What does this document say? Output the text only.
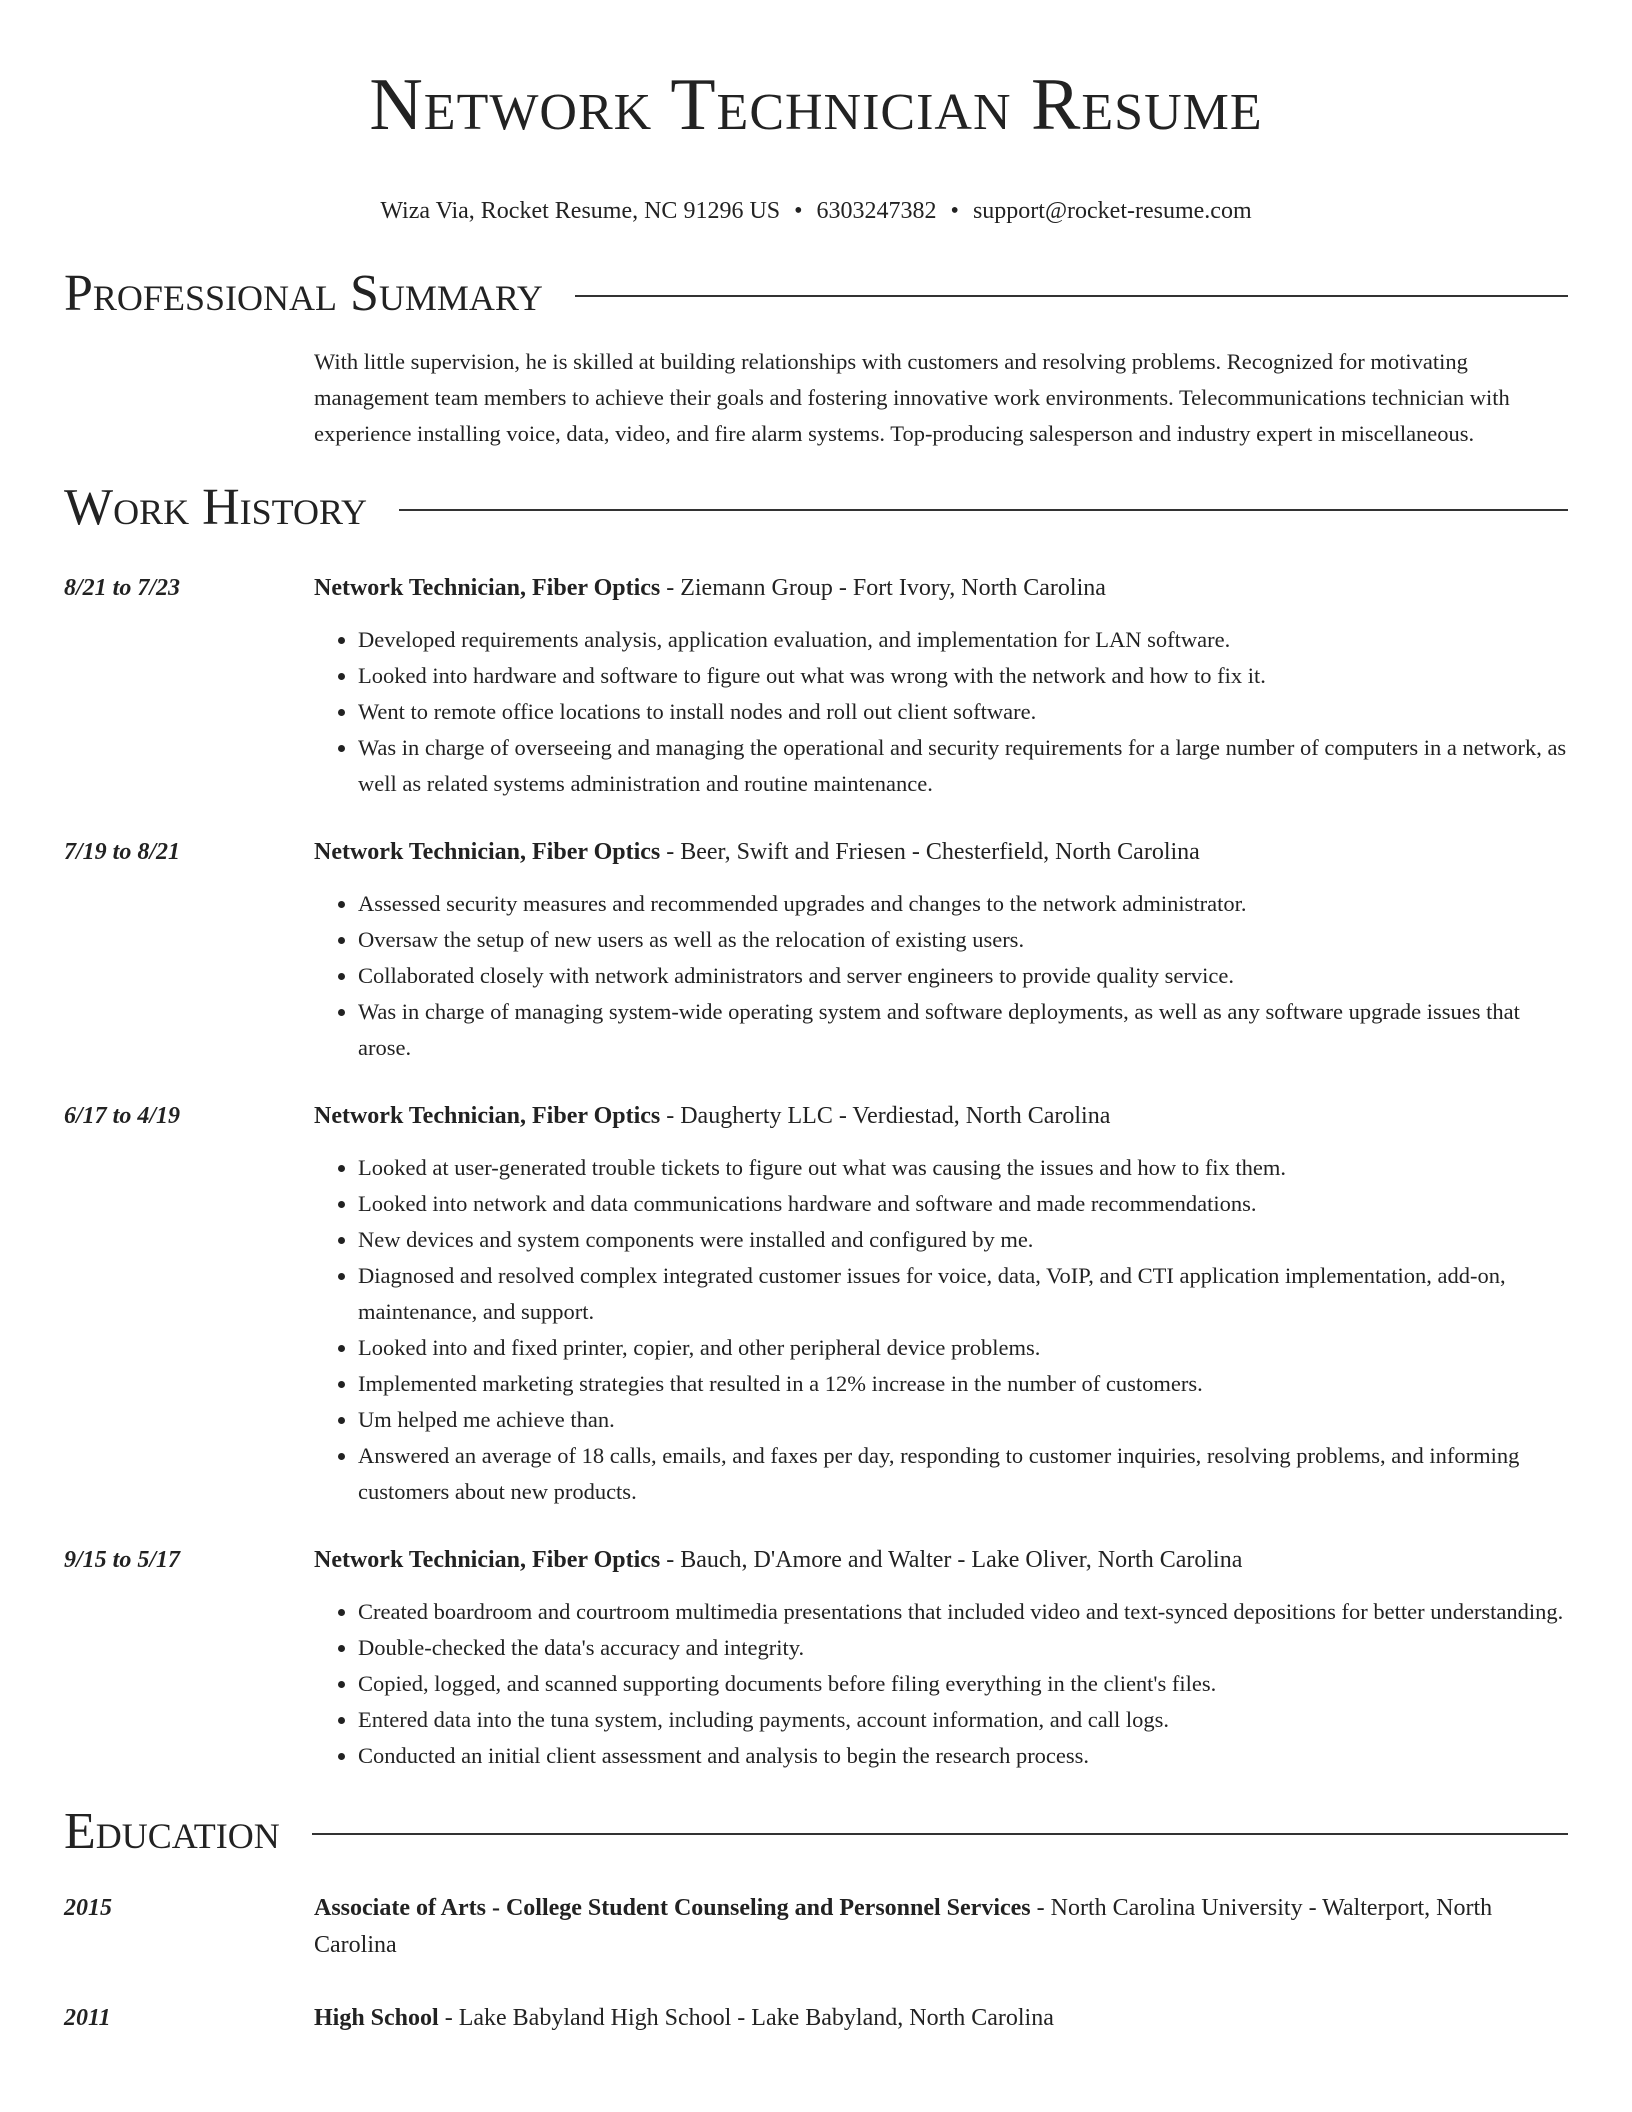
Network Technician Resume
Wiza Via, Rocket Resume, NC 91296 US • 6303247382 • support@rocket-resume.com
Professional Summary
With little supervision, he is skilled at building relationships with customers and resolving problems. Recognized for motivating management team members to achieve their goals and fostering innovative work environments. Telecommunications technician with experience installing voice, data, video, and fire alarm systems. Top-producing salesperson and industry expert in miscellaneous.
Work History
8/21 to 7/23	Network Technician, Fiber Optics - Ziemann Group - Fort Ivory, North Carolina
• Developed requirements analysis, application evaluation, and implementation for LAN software.
• Looked into hardware and software to figure out what was wrong with the network and how to fix it.
• Went to remote office locations to install nodes and roll out client software.
• Was in charge of overseeing and managing the operational and security requirements for a large number of computers in a network, as well as related systems administration and routine maintenance.
7/19 to 8/21	Network Technician, Fiber Optics - Beer, Swift and Friesen - Chesterfield, North Carolina
• Assessed security measures and recommended upgrades and changes to the network administrator.
• Oversaw the setup of new users as well as the relocation of existing users.
• Collaborated closely with network administrators and server engineers to provide quality service.
• Was in charge of managing system-wide operating system and software deployments, as well as any software upgrade issues that arose.
6/17 to 4/19	Network Technician, Fiber Optics - Daugherty LLC - Verdiestad, North Carolina
• Looked at user-generated trouble tickets to figure out what was causing the issues and how to fix them.
• Looked into network and data communications hardware and software and made recommendations.
• New devices and system components were installed and configured by me.
• Diagnosed and resolved complex integrated customer issues for voice, data, VoIP, and CTI application implementation, add-on, maintenance, and support.
• Looked into and fixed printer, copier, and other peripheral device problems.
• Implemented marketing strategies that resulted in a 12% increase in the number of customers.
• Um helped me achieve than.
• Answered an average of 18 calls, emails, and faxes per day, responding to customer inquiries, resolving problems, and informing customers about new products.
9/15 to 5/17	Network Technician, Fiber Optics - Bauch, D'Amore and Walter - Lake Oliver, North Carolina
• Created boardroom and courtroom multimedia presentations that included video and text-synced depositions for better understanding.
• Double-checked the data's accuracy and integrity.
• Copied, logged, and scanned supporting documents before filing everything in the client's files.
• Entered data into the tuna system, including payments, account information, and call logs.
• Conducted an initial client assessment and analysis to begin the research process.
Education
2015	Associate of Arts - College Student Counseling and Personnel Services - North Carolina University - Walterport, North Carolina
2011	High School - Lake Babyland High School - Lake Babyland, North Carolina
